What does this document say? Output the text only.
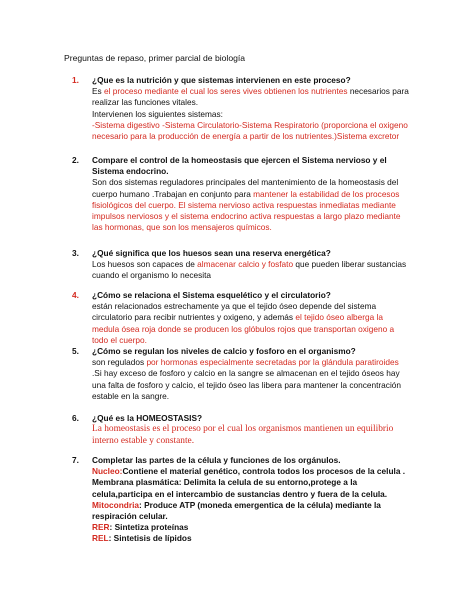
Preguntas de repaso, primer parcial de biología
1. ¿Que es la nutrición y que sistemas intervienen en este proceso?

Es el proceso mediante el cual los seres vives obtienen los nutrientes necesarios para realizar las funciones vitales.

Intervienen los siguientes sistemas:

-Sistema digestivo -Sistema Circulatorio-Sistema Respiratorio (proporciona el oxigeno necesario para la producción de energía a partir de los nutrientes.)Sistema excretor

2. Compare el control de la homeostasis que ejercen el Sistema nervioso y el Sistema endocrino.

Son dos sistemas reguladores principales del mantenimiento de la homeostasis del cuerpo humano .Trabajan en conjunto para mantener la estabilidad de los procesos fisiológicos del cuerpo. El sistema nervioso activa respuestas inmediatas mediante impulsos nerviosos y el sistema endocrino activa respuestas a largo plazo mediante las hormonas, que son los mensajeros químicos.

3. ¿Qué significa que los huesos sean una reserva energética?

Los huesos son capaces de almacenar calcio y fosfato que pueden liberar sustancias cuando el organismo lo necesita

4. ¿Cómo se relaciona el Sistema esquelético y el circulatorio?

están relacionados estrechamente ya que el tejido óseo depende del sistema circulatorio para recibir nutrientes y oxigeno, y además el tejido óseo alberga la medula ósea roja donde se producen los glóbulos rojos que transportan oxigeno a todo el cuerpo.

5. ¿Cómo se regulan los niveles de calcio y fosforo en el organismo?

son regulados por hormonas especialmente secretadas por la glándula paratiroides .Si hay exceso de fosforo y calcio en la sangre se almacenan en el tejido óseos hay una falta de fosforo y calcio, el tejido óseo las libera para mantener la concentración estable en la sangre.

6. ¿Qué es la HOMEOSTASIS?

La homeostasis es el proceso por el cual los organismos mantienen un equilibrio interno estable y constante.

7. Completar las partes de la célula y funciones de los orgánulos.

Nucleo:Contiene el material genético, controla todos los procesos de la celula .

Membrana plasmática: Delimita la celula de su entorno,protege a la celula,participa en el intercambio de sustancias dentro y fuera de la celula.

Mitocondria: Produce ATP (moneda emergentica de la célula) mediante la respiración celular.

RER: Sintetiza proteínas

REL: Sintetisis de lípidos
